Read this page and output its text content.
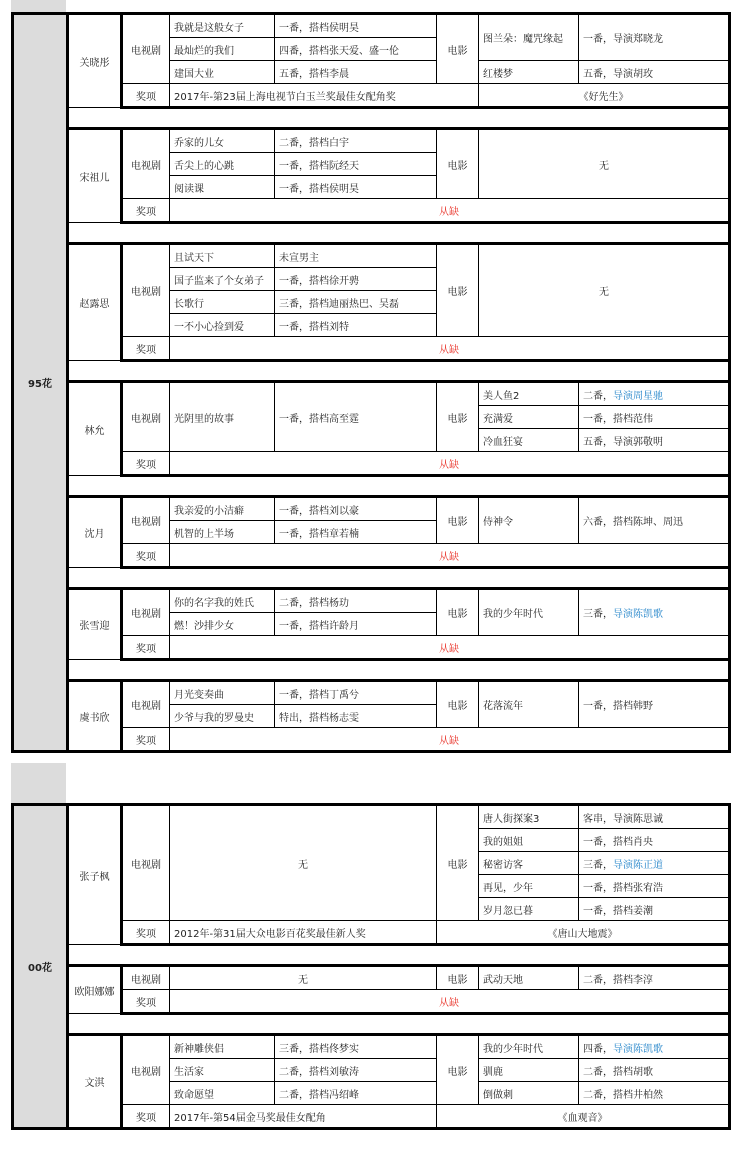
95花	关晓彤	电视剧	我就是这般女子	一番，搭档侯明昊	电影	图兰朵：魔咒缘起	一番，导演郑晓龙
			最灿烂的我们	四番，搭档张天爱、盛一伦			
			建国大业	五番，搭档李晨		红楼梦	五番，导演胡玫
		奖项	2017年-第23届上海电视节白玉兰奖最佳女配角奖			《好先生》	

	宋祖儿	电视剧	乔家的儿女	二番，搭档白宇	电影	无	
			舌尖上的心跳	一番，搭档阮经天			
			阅读课	一番，搭档侯明昊			
		奖项	从缺				

	赵露思	电视剧	且试天下	未宣男主	电影	无	
			国子监来了个女弟子	一番，搭档徐开骋			
			长歌行	三番，搭档迪丽热巴、吴磊			
			一不小心捡到爱	一番，搭档刘特			
		奖项	从缺				

	林允	电视剧	光阴里的故事	一番，搭档高至霆	电影	美人鱼2	二番，导演周星驰
						充满爱	一番，搭档范伟
						冷血狂宴	五番，导演郭敬明
		奖项	从缺				

	沈月	电视剧	我亲爱的小洁癖	一番，搭档刘以豪	电影	侍神令	六番，搭档陈坤、周迅
			机智的上半场	一番，搭档章若楠			
		奖项	从缺				

	张雪迎	电视剧	你的名字我的姓氏	二番，搭档杨玏	电影	我的少年时代	三番，导演陈凯歌
			燃！沙排少女	一番，搭档许龄月			
		奖项	从缺				

	虞书欣	电视剧	月光变奏曲	一番，搭档丁禹兮	电影	花落流年	一番，搭档韩野
			少爷与我的罗曼史	特出，搭档杨志雯			
		奖项	从缺				
00花	张子枫	电视剧	无		电影	唐人街探案3	客串，导演陈思诚
						我的姐姐	一番，搭档肖央
						秘密访客	三番，导演陈正道
						再见，少年	一番，搭档张宥浩
						岁月忽已暮	一番，搭档姜潮
		奖项	2012年-第31届大众电影百花奖最佳新人奖		《唐山大地震》		

	欧阳娜娜	电视剧	无		电影	武动天地	二番，搭档李淳
		奖项	从缺				

	文淇	电视剧	新神雕侠侣	三番，搭档佟梦实	电影	我的少年时代	四番，导演陈凯歌
			生活家	二番，搭档刘敏涛		驯鹿	二番，搭档胡歌
			致命愿望	二番，搭档冯绍峰		倒做刺	二番，搭档井柏然
		奖项	2017年-第54届金马奖最佳女配角		《血观音》		
